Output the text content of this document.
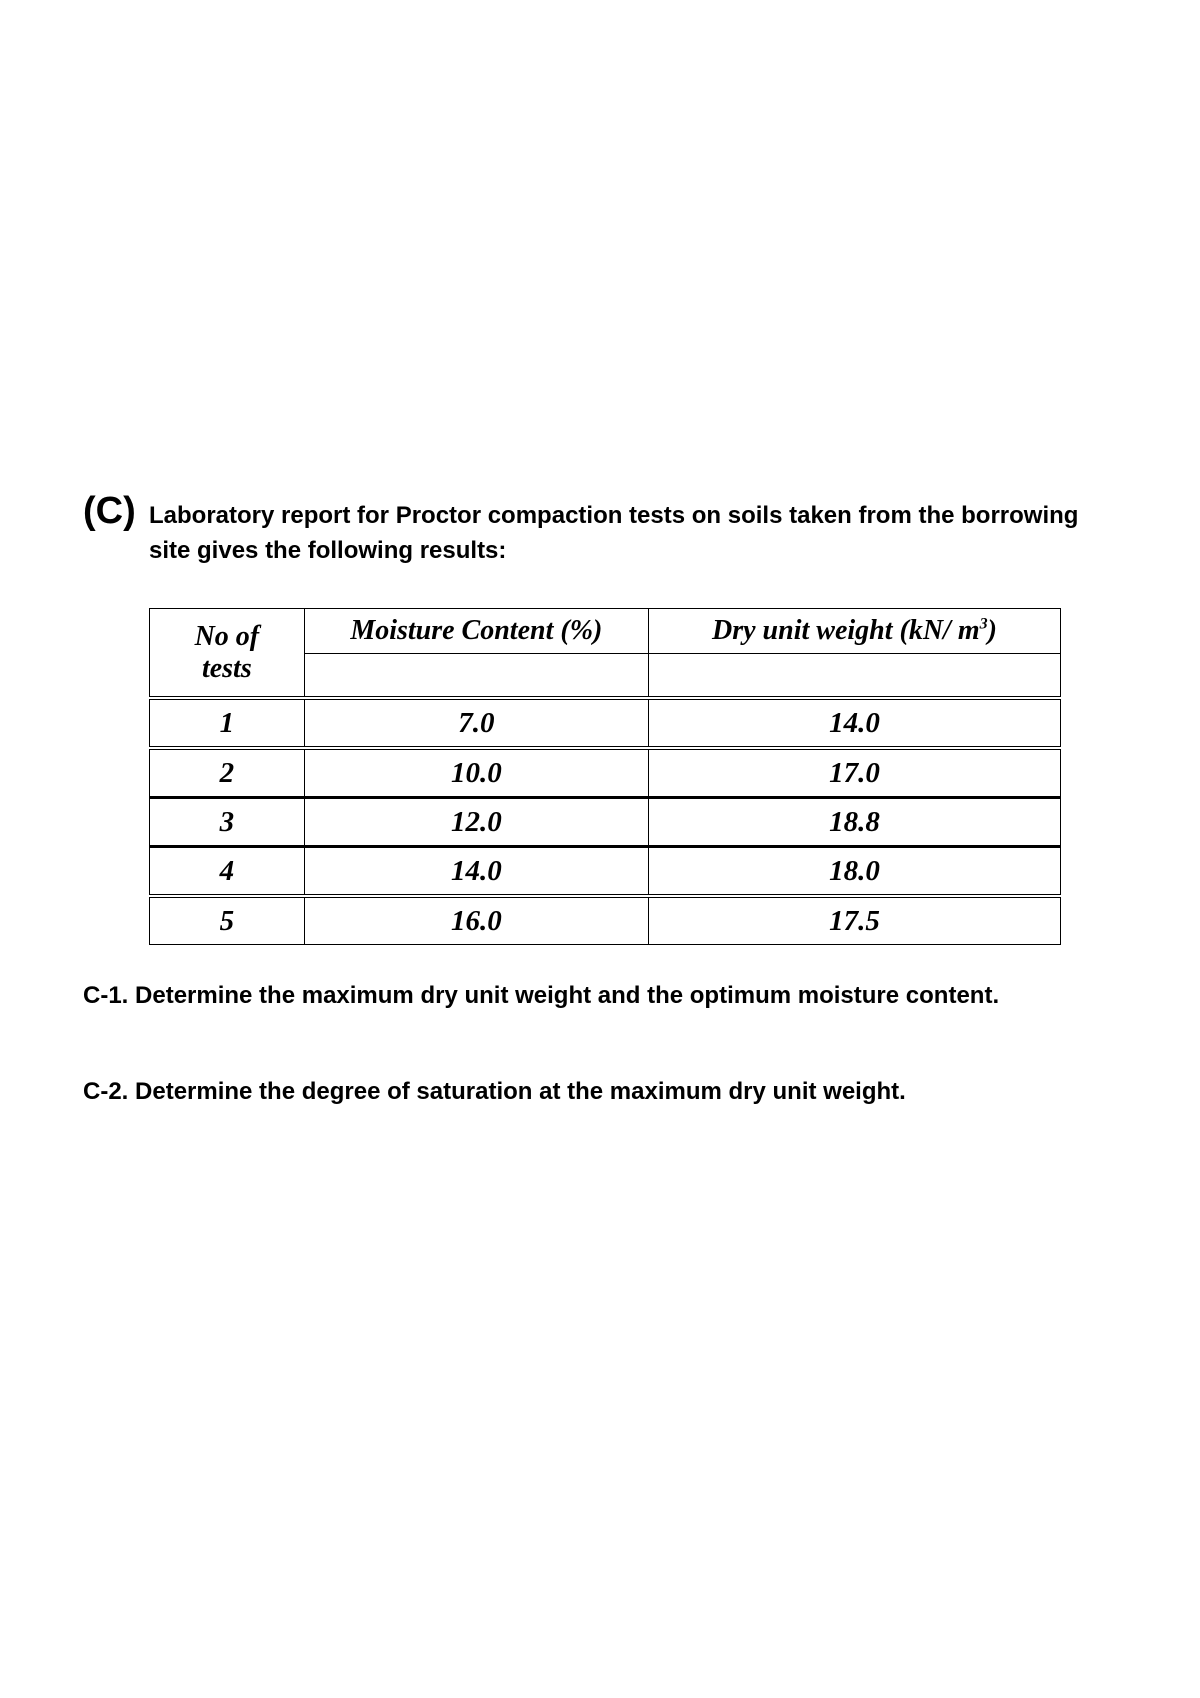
(C) Laboratory report for Proctor compaction tests on soils taken from the borrowing site gives the following results:

No of
tests	Moisture Content (%)	Dry unit weight (kN/ $m^3$)

1	7.0	14.0
2	10.0	17.0
3	12.0	18.8
4	14.0	18.0
5	16.0	17.5

C-1. Determine the maximum dry unit weight and the optimum moisture content.

C-2. Determine the degree of saturation at the maximum dry unit weight.
